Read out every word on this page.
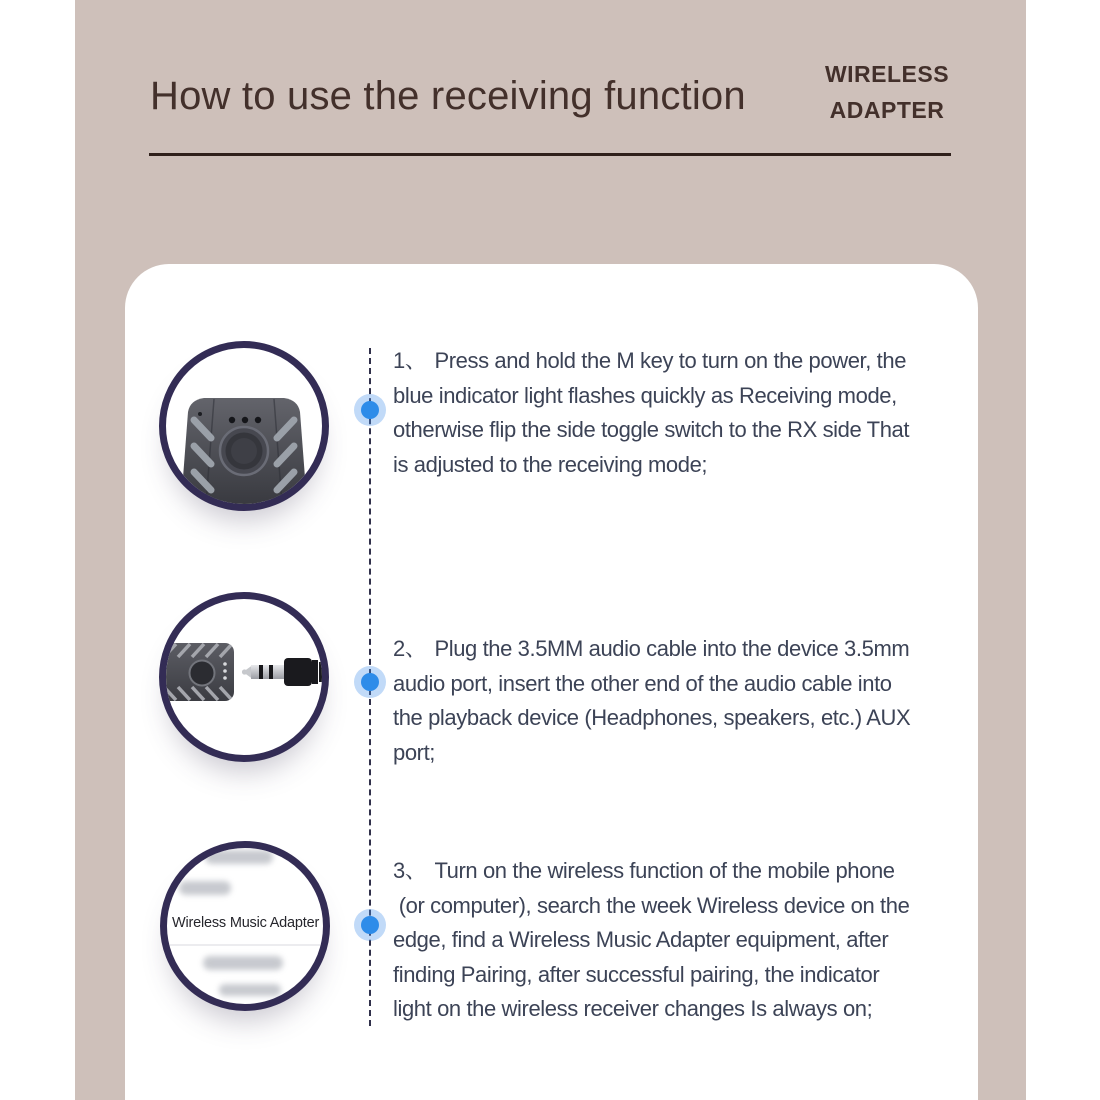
How to use the receiving function	WIRELESS
ADAPTER
Wireless Music Adapter
1、 Press and hold the M key to turn on the power, the
blue indicator light flashes quickly as Receiving mode,
otherwise flip the side toggle switch to the RX side That
is adjusted to the receiving mode;
2、 Plug the 3.5MM audio cable into the device 3.5mm
audio port, insert the other end of the audio cable into
the playback device (Headphones, speakers, etc.) AUX
port;
3、 Turn on the wireless function of the mobile phone
(or computer), search the week Wireless device on the
edge, find a Wireless Music Adapter equipment, after
finding Pairing, after successful pairing, the indicator
light on the wireless receiver changes Is always on;
